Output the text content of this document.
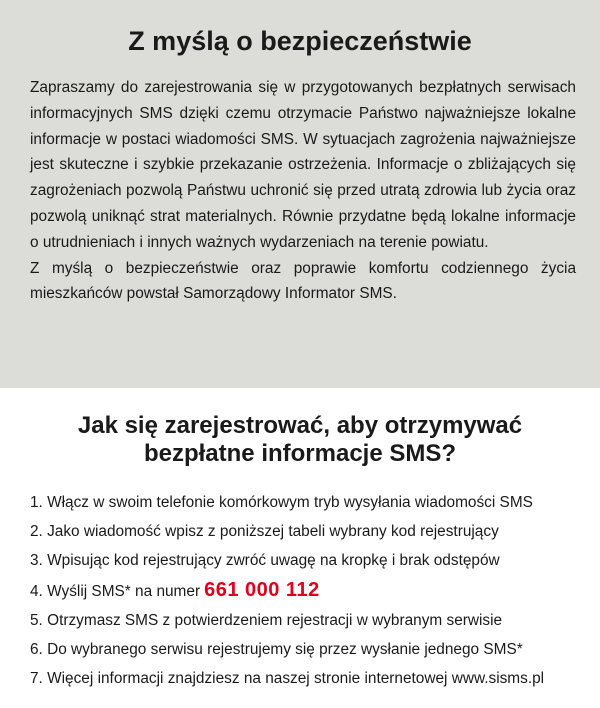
Z myślą o bezpieczeństwie

Zapraszamy do zarejestrowania się w przygotowanych bezpłatnych serwisach informacyjnych SMS dzięki czemu otrzymacie Państwo najważniejsze lokalne informacje w postaci wiadomości SMS. W sytuacjach zagrożenia najważniejsze jest skuteczne i szybkie przekazanie ostrzeżenia. Informacje o zbliżających się zagrożeniach pozwolą Państwu uchronić się przed utratą zdrowia lub życia oraz pozwolą uniknąć strat materialnych. Równie przydatne będą lokalne informacje o utrudnieniach i innych ważnych wydarzeniach na terenie powiatu.

Z myślą o bezpieczeństwie oraz poprawie komfortu codziennego życia mieszkańców powstał Samorządowy Informator SMS.

Jak się zarejestrować, aby otrzymywać
bezpłatne informacje SMS?
1. Włącz w swoim telefonie komórkowym tryb wysyłania wiadomości SMS
2. Jako wiadomość wpisz z poniższej tabeli wybrany kod rejestrujący
3. Wpisując kod rejestrujący zwróć uwagę na kropkę i brak odstępów
4. Wyślij SMS* na numer 661 000 112
5. Otrzymasz SMS z potwierdzeniem rejestracji w wybranym serwisie
6. Do wybranego serwisu rejestrujemy się przez wysłanie jednego SMS*
7. Więcej informacji znajdziesz na naszej stronie internetowej www.sisms.pl
